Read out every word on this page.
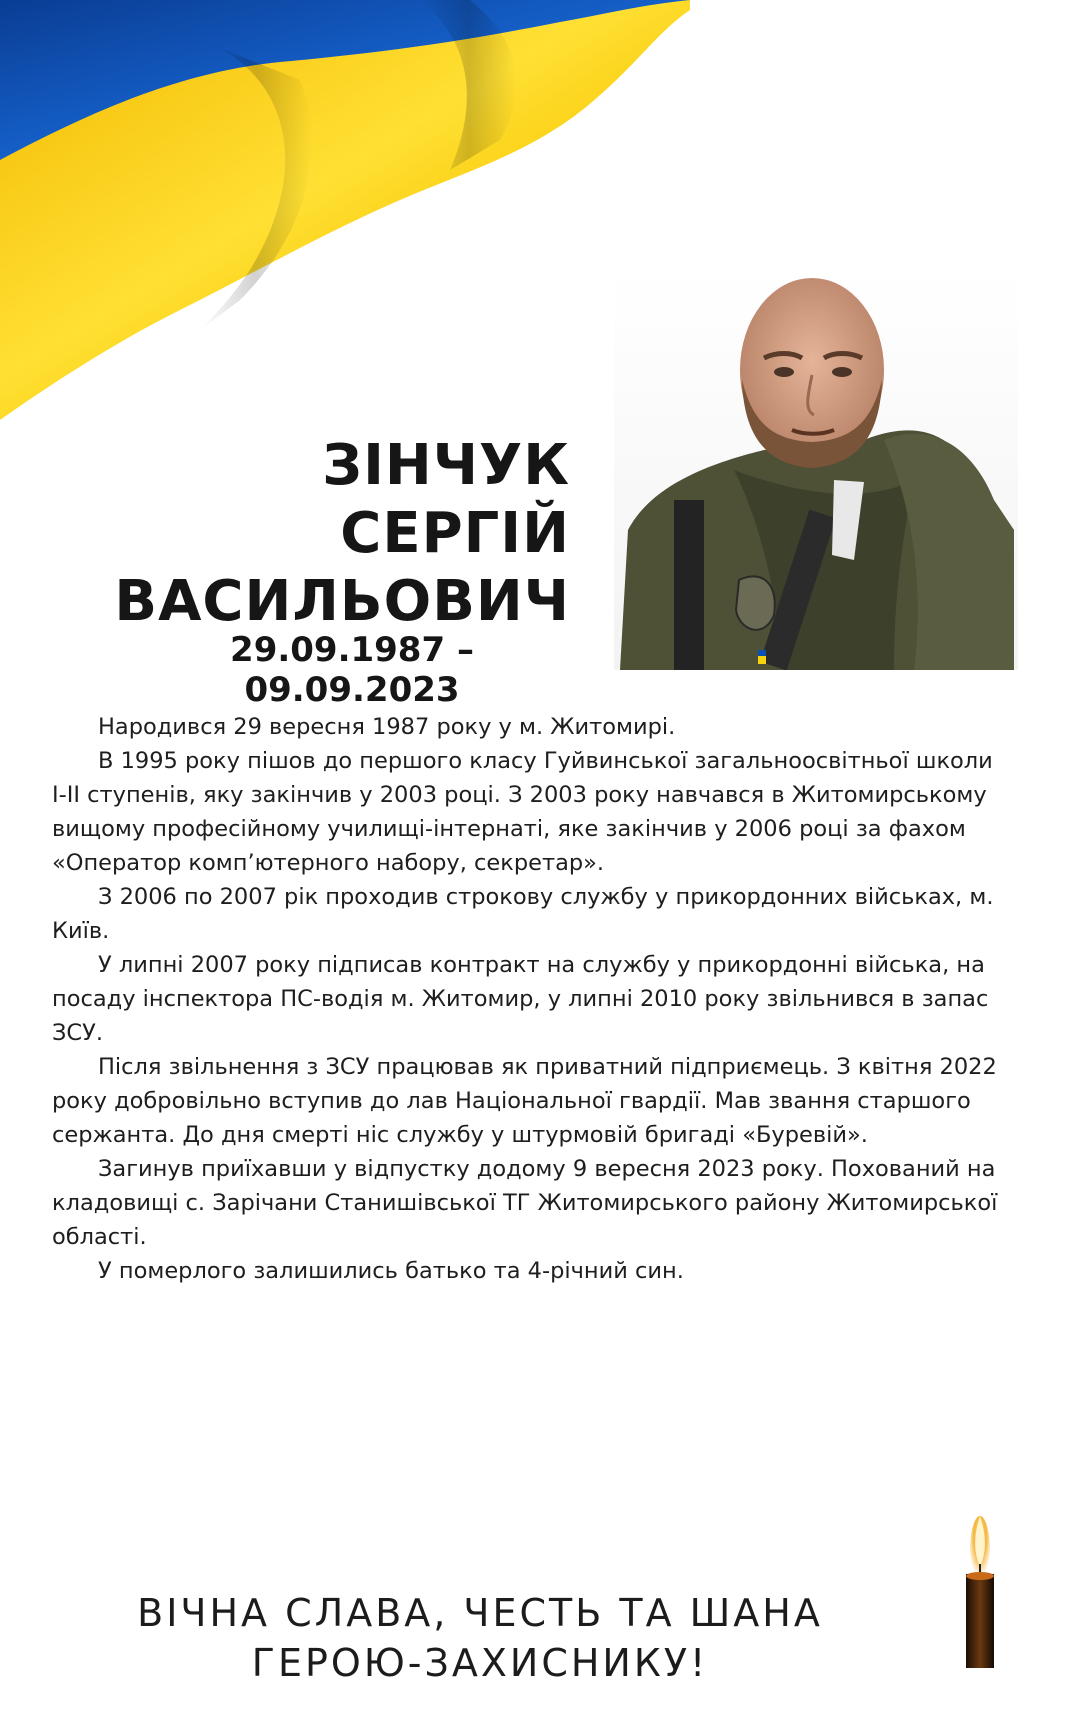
ЗІНЧУК
СЕРГІЙ
ВАСИЛЬОВИЧ
29.09.1987 – 09.09.2023

Народився 29 вересня 1987 року у м. Житомирі.

В 1995 року пішов до першого класу Гуйвинської загальноосвітньої школи І-ІІ ступенів, яку закінчив у 2003 році. З 2003 року навчався в Житомирському вищому професійному училищі-інтернаті, яке закінчив у 2006 році за фахом «Оператор комп’ютерного набору, секретар».

З 2006 по 2007 рік проходив строкову службу у прикордонних військах, м. Київ.

У липні 2007 року підписав контракт на службу у прикордонні війська, на посаду інспектора ПС-водія м. Житомир, у липні 2010 року звільнився в запас ЗСУ.

Після звільнення з ЗСУ працював як приватний підприємець. З квітня 2022 року добровільно вступив до лав Національної гвардії. Мав звання старшого сержанта. До дня смерті ніс службу у штурмовій бригаді «Буревій».

Загинув приїхавши у відпустку додому 9 вересня 2023 року. Похований на кладовищі с. Зарічани Станишівської ТГ Житомирського району Житомирської області.

У померлого залишились батько та 4-річний син.

ВІЧНА СЛАВА, ЧЕСТЬ ТА ШАНА
ГЕРОЮ-ЗАХИСНИКУ!
